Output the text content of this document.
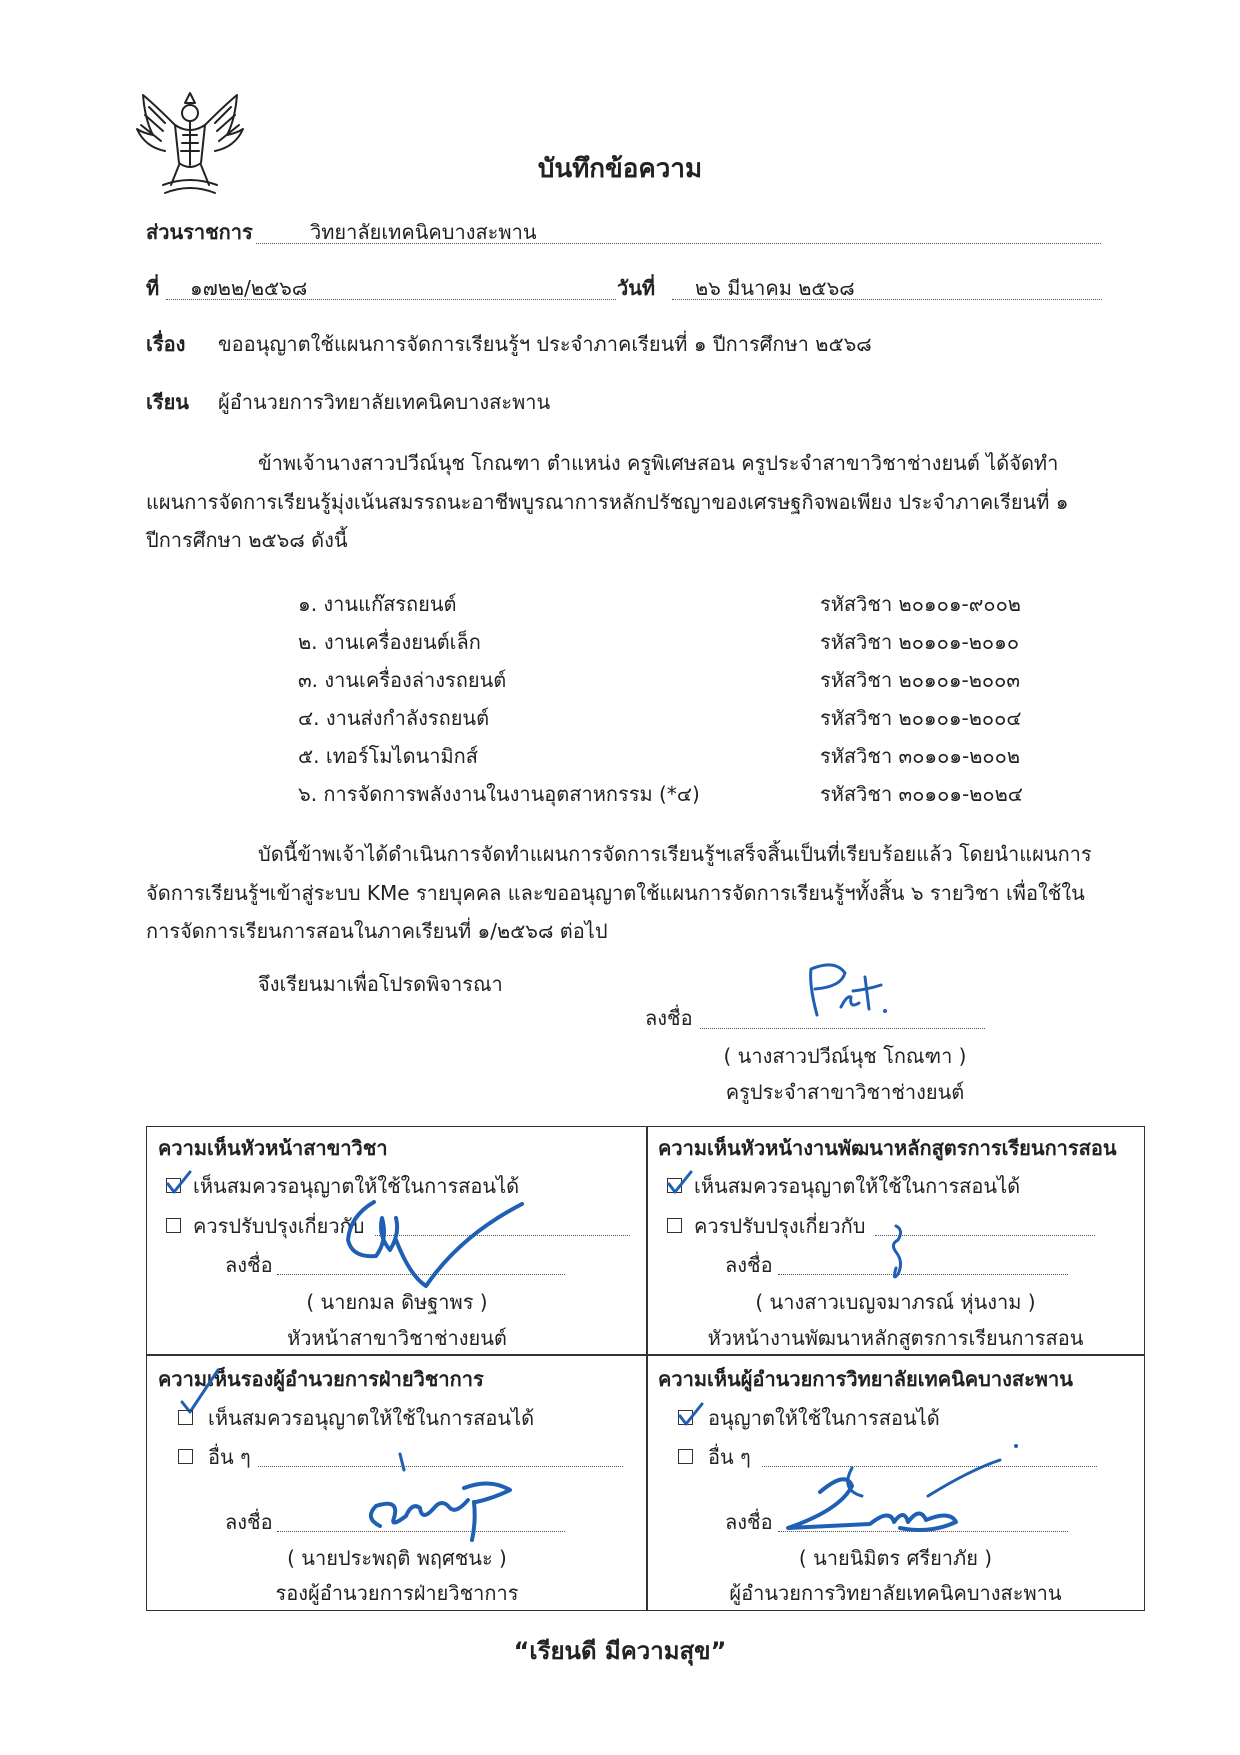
บันทึกข้อความ
ส่วนราชการ	วิทยาลัยเทคนิคบางสะพาน
ที่ ๑๗๒๒/๒๕๖๘	วันที่ ๒๖ มีนาคม ๒๕๖๘
เรื่อง ขออนุญาตใช้แผนการจัดการเรียนรู้ฯ ประจำภาคเรียนที่ ๑ ปีการศึกษา ๒๕๖๘
เรียน ผู้อำนวยการวิทยาลัยเทคนิคบางสะพาน
ข้าพเจ้านางสาวปวีณ์นุช โกณฑา ตำแหน่ง ครูพิเศษสอน ครูประจำสาขาวิชาช่างยนต์ ได้จัดทำ
แผนการจัดการเรียนรู้มุ่งเน้นสมรรถนะอาชีพบูรณาการหลักปรัชญาของเศรษฐกิจพอเพียง ประจำภาคเรียนที่ ๑
ปีการศึกษา ๒๕๖๘ ดังนี้
๑. งานแก๊สรถยนต์	รหัสวิชา ๒๐๑๐๑-๙๐๐๒
๒. งานเครื่องยนต์เล็ก	รหัสวิชา ๒๐๑๐๑-๒๐๑๐
๓. งานเครื่องล่างรถยนต์	รหัสวิชา ๒๐๑๐๑-๒๐๐๓
๔. งานส่งกำลังรถยนต์	รหัสวิชา ๒๐๑๐๑-๒๐๐๔
๕. เทอร์โมไดนามิกส์	รหัสวิชา ๓๐๑๐๑-๒๐๐๒
๖. การจัดการพลังงานในงานอุตสาหกรรม (*๔)	รหัสวิชา ๓๐๑๐๑-๒๐๒๔
บัดนี้ข้าพเจ้าได้ดำเนินการจัดทำแผนการจัดการเรียนรู้ฯเสร็จสิ้นเป็นที่เรียบร้อยแล้ว โดยนำแผนการ
จัดการเรียนรู้ฯเข้าสู่ระบบ KMe รายบุคคล และขออนุญาตใช้แผนการจัดการเรียนรู้ฯทั้งสิ้น ๖ รายวิชา เพื่อใช้ใน
การจัดการเรียนการสอนในภาคเรียนที่ ๑/๒๕๖๘ ต่อไป
จึงเรียนมาเพื่อโปรดพิจารณา
ลงชื่อ
( นางสาวปวีณ์นุช โกณฑา )
ครูประจำสาขาวิชาช่างยนต์
ความเห็นหัวหน้าสาขาวิชา
เห็นสมควรอนุญาตให้ใช้ในการสอนได้
ควรปรับปรุงเกี่ยวกับ
ลงชื่อ
( นายกมล ดิษฐาพร )
หัวหน้าสาขาวิชาช่างยนต์
ความเห็นหัวหน้างานพัฒนาหลักสูตรการเรียนการสอน
เห็นสมควรอนุญาตให้ใช้ในการสอนได้
ควรปรับปรุงเกี่ยวกับ
ลงชื่อ
( นางสาวเบญจมาภรณ์ หุ่นงาม )
หัวหน้างานพัฒนาหลักสูตรการเรียนการสอน
ความเห็นรองผู้อำนวยการฝ่ายวิชาการ
เห็นสมควรอนุญาตให้ใช้ในการสอนได้
อื่น ๆ
ลงชื่อ
( นายประพฤติ พฤศชนะ )
รองผู้อำนวยการฝ่ายวิชาการ
ความเห็นผู้อำนวยการวิทยาลัยเทคนิคบางสะพาน
อนุญาตให้ใช้ในการสอนได้
อื่น ๆ
ลงชื่อ
( นายนิมิตร ศรียาภัย )
ผู้อำนวยการวิทยาลัยเทคนิคบางสะพาน
“เรียนดี มีความสุข”
